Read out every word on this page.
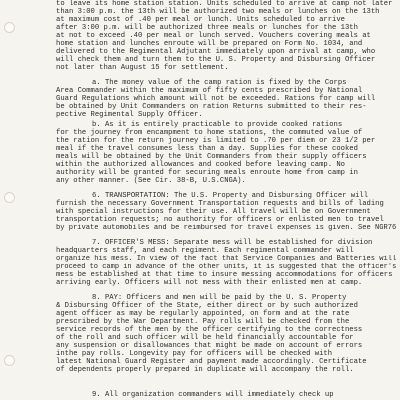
to leave its home station station. Units scheduled to arrive at camp not later
than 3:00 p.m. the 13th will be authorized two meals or lunches on the 13th
at maximum cost of .40 per meal or lunch. Units scheduled to arrive
after 3:00 p.m. will be authorized three meals or lunches for the 13th
at not to exceed .40 per meal or lunch served. Vouchers covering meals at
home station and lunches enroute will be prepared on Form No. 1034, and
delivered to the Regimental Adjutant immediately upon arrival at camp, who
will check them and turn them to the U. S. Property and Disbursing Officer
not later than August 15 for settlement.
a. The money value of the camp ration is fixed by the Corps
Area Commander within the maximum of fifty cents prescribed by National
Guard Regulations which amount will not be exceeded. Rations for camp will
be obtained by Unit Commanders on ration Returns submitted to their res-
pective Regimental Supply Officer.
b. As it is entirely practicable to provide cooked rations
for the journey from encampment to home stations, the commuted value of
the ration for the return journey is limited to .70 per diem or 23 1/2 per
meal if the travel consumes less than a day. Supplies for these cooked
meals will be obtained by the Unit Commanders from their supply officers
within the authorized allowances and cooked before leaving camp. No
authority will be granted for securing meals enroute home from camp in
any other manner. (See Cir. 38-B, U.S.CNGA).
6. TRANSPORTATION: The U.S. Property and Disbursing Officer will
furnish the necessary Government Transportation requests and bills of lading
with special instructions for their use. All travel will be on Government
transportation requests; no authority for officers or enlisted men to travel
by private automobiles and be reimbursed for travel expenses is given. See NGR76
7. OFFICER'S MESS: Separate mess will be established for division
headquarters staff, and each regiment. Each regimental commander will
organize his mess. In view of the fact that Service Companies and Batteries will
proceed to camp in advance of the other units, it is suggested that the officer's
mess be established at that time to insure messing accommodations for officers
arriving early. Officers will not mess with their enlisted men at camp.
8. PAY: Officers and men will be paid by the U. S. Property
& Disbursing Officer of the State, either direct or by such authorized
agent officer as may be regularly appointed, on form and at the rate
prescribed by the War Department. Pay rolls will be checked from the
service records of the men by the officer certifying to the correctness
of the roll and such officer will be held financially accountable for
any suspension or disallowances that might be made on account of errors
inthe pay rolls. Longevity pay for officers will be checked with
latest National Guard Register and payment made accordingly. Certificate
of dependents properly prepared in duplicate will accompany the roll.
9. All organization commanders will immediately check up
